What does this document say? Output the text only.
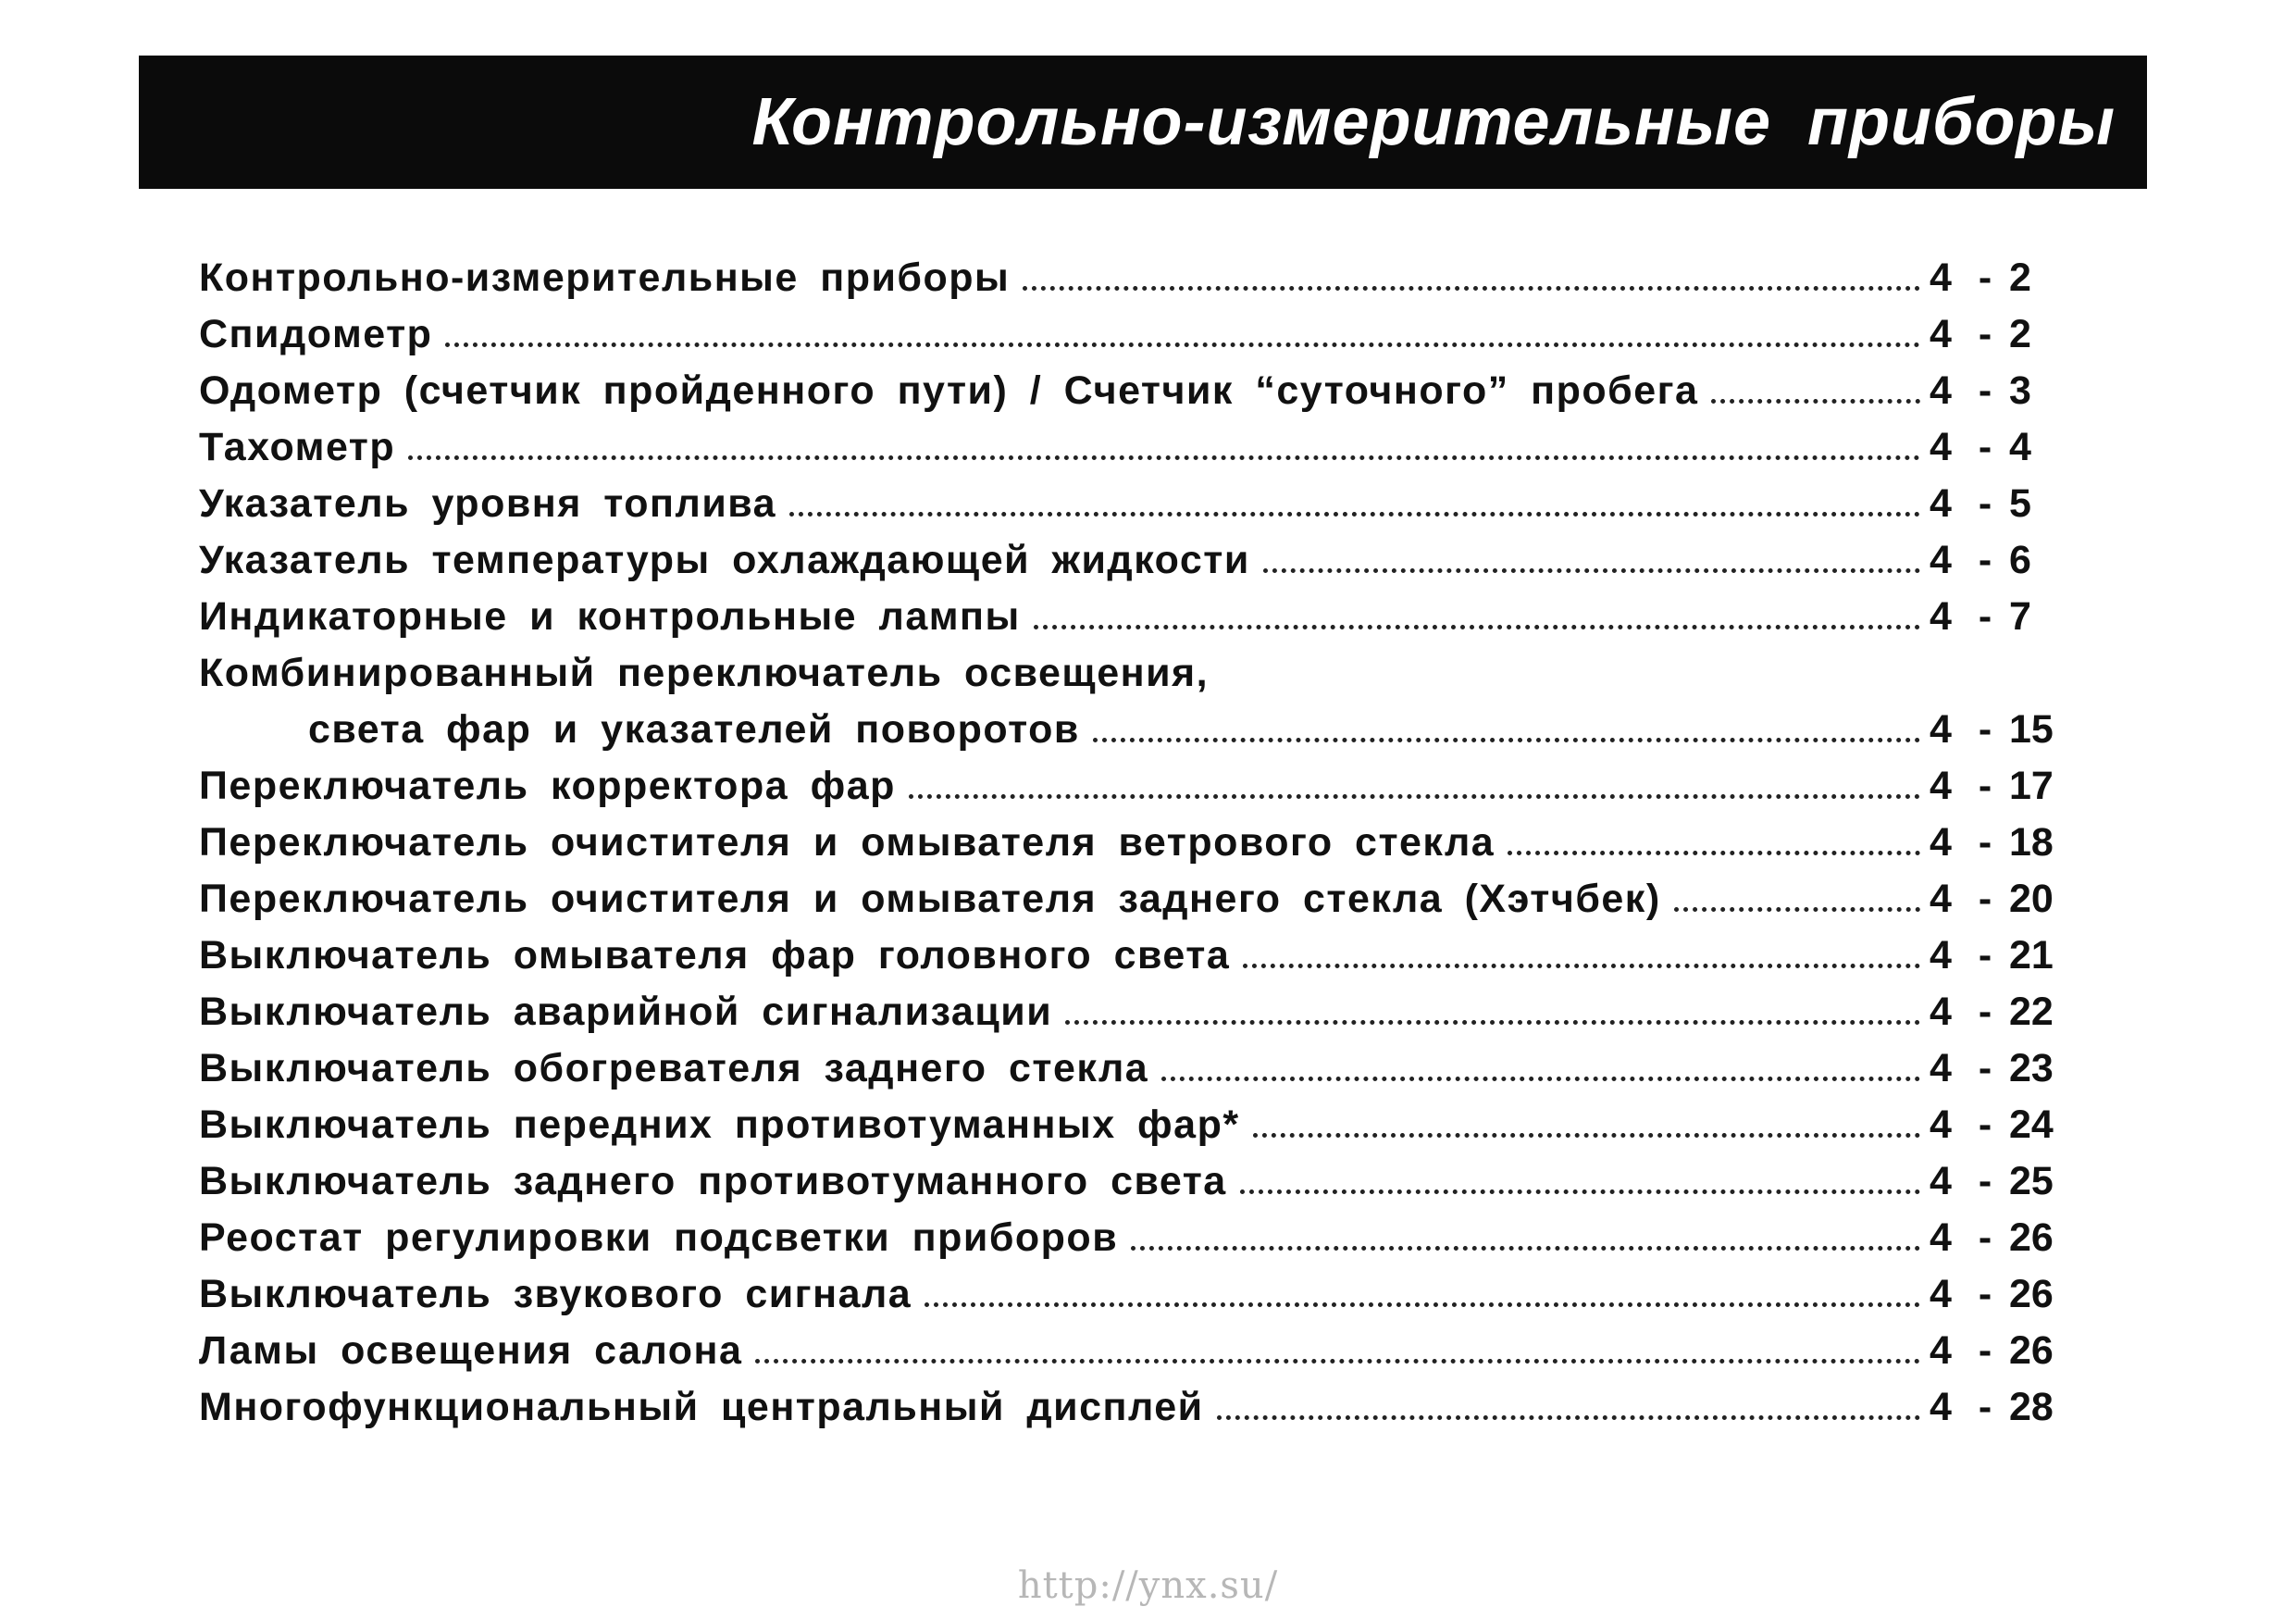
Контрольно-измерительные приборы
Контрольно-измерительные приборы	4 - 2
Спидометр	4 - 2
Одометр (счетчик пройденного пути) / Счетчик “суточного” пробега	4 - 3
Тахометр	4 - 4
Указатель уровня топлива	4 - 5
Указатель температуры охлаждающей жидкости	4 - 6
Индикаторные и контрольные лампы	4 - 7
Комбинированный переключатель освещения,
света фар и указателей поворотов	4 - 15
Переключатель корректора фар	4 - 17
Переключатель очистителя и омывателя ветрового стекла	4 - 18
Переключатель очистителя и омывателя заднего стекла (Хэтчбек)	4 - 20
Выключатель омывателя фар головного света	4 - 21
Выключатель аварийной сигнализации	4 - 22
Выключатель обогревателя заднего стекла	4 - 23
Выключатель передних противотуманных фар*	4 - 24
Выключатель заднего противотуманного света	4 - 25
Реостат регулировки подсветки приборов	4 - 26
Выключатель звукового сигнала	4 - 26
Ламы освещения салона	4 - 26
Многофункциональный центральный дисплей	4 - 28
http://ynx.su/
